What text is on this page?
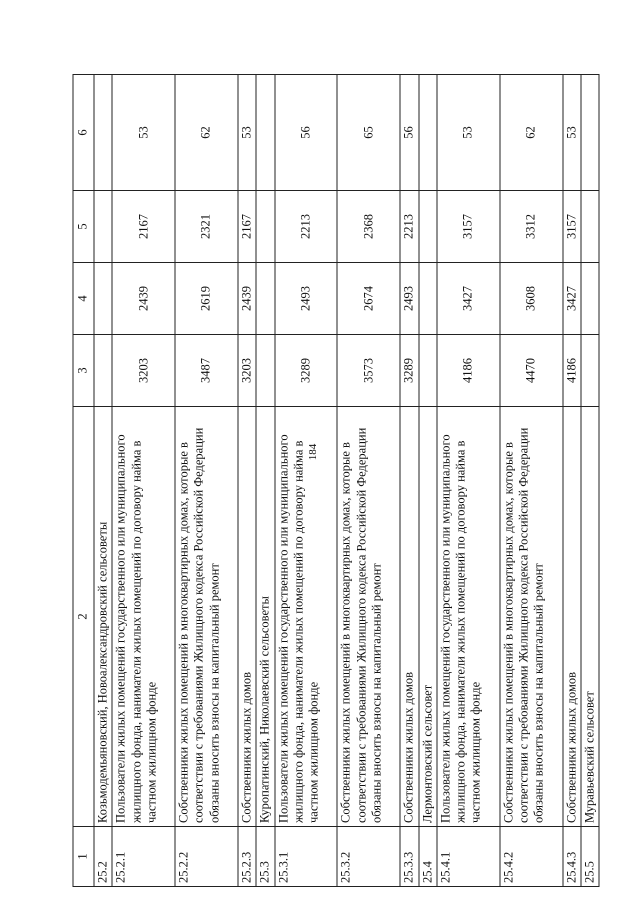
184
1	2	3	4	5	6
25.2	Козьмодемьяновский, Новоалександровский сельсоветы				
25.2.1	Пользователи жилых помещений государственного или муниципального жилищного фонда, наниматели жилых помещений по договору найма в частном жилищном фонде	3203	2439	2167	53
25.2.2	Собственники жилых помещений в многоквартирных домах, которые в соответствии с требованиями Жилищного кодекса Российской Федерации обязаны вносить взносы на капитальный ремонт	3487	2619	2321	62
25.2.3	Собственники жилых домов	3203	2439	2167	53
25.3	Куропатинский, Николаевский сельсоветы				
25.3.1	Пользователи жилых помещений государственного или муниципального жилищного фонда, наниматели жилых помещений по договору найма в частном жилищном фонде	3289	2493	2213	56
25.3.2	Собственники жилых помещений в многоквартирных домах, которые в соответствии с требованиями Жилищного кодекса Российской Федерации обязаны вносить взносы на капитальный ремонт	3573	2674	2368	65
25.3.3	Собственники жилых домов	3289	2493	2213	56
25.4	Лермонтовский сельсовет				
25.4.1	Пользователи жилых помещений государственного или муниципального жилищного фонда, наниматели жилых помещений по договору найма в частном жилищном фонде	4186	3427	3157	53
25.4.2	Собственники жилых помещений в многоквартирных домах, которые в соответствии с требованиями Жилищного кодекса Российской Федерации обязаны вносить взносы на капитальный ремонт	4470	3608	3312	62
25.4.3	Собственники жилых домов	4186	3427	3157	53
25.5	Муравьевский сельсовет				
